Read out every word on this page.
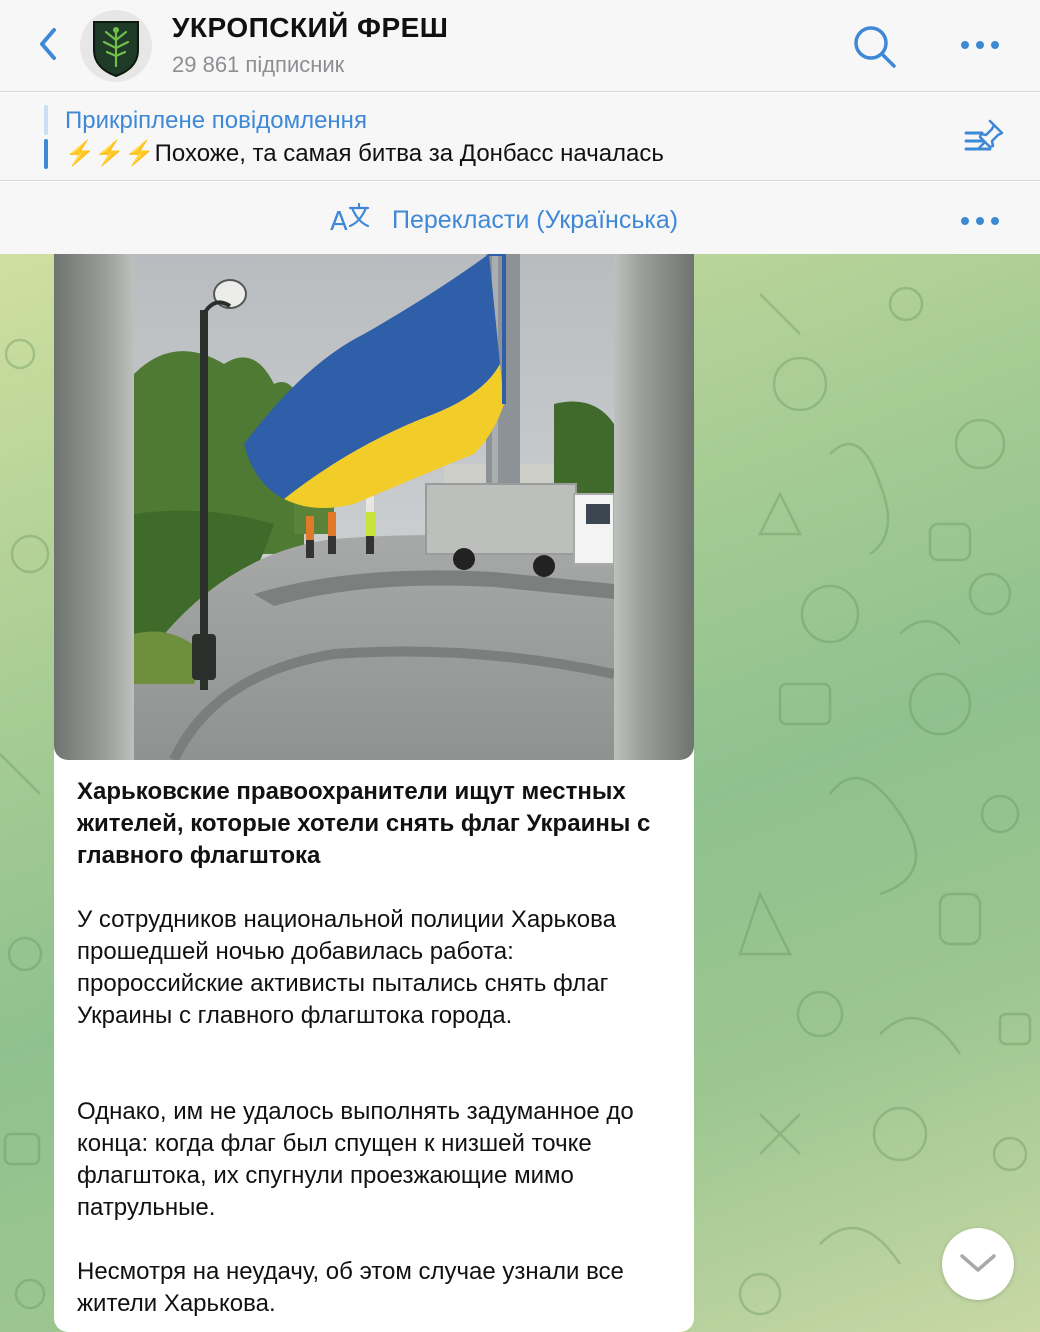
УКРОПСКИЙ ФРЕШ
29 861 підписник
Прикріплене повідомлення
⚡️⚡️⚡️Похоже, та самая битва за Донбасс началась
A Перекласти (Українська)
Харьковские правоохранители ищут местных жителей, которые хотели снять флаг Украины с главного флагштока
У сотрудников национальной полиции Харькова прошедшей ночью добавилась работа: пророссийские активисты пытались снять флаг Украины с главного флагштока города.
Однако, им не удалось выполнять задуманное до конца: когда флаг был спущен к низшей точке флагштока, их спугнули проезжающие мимо патрульные.
Несмотря на неудачу, об этом случае узнали все жители Харькова.
